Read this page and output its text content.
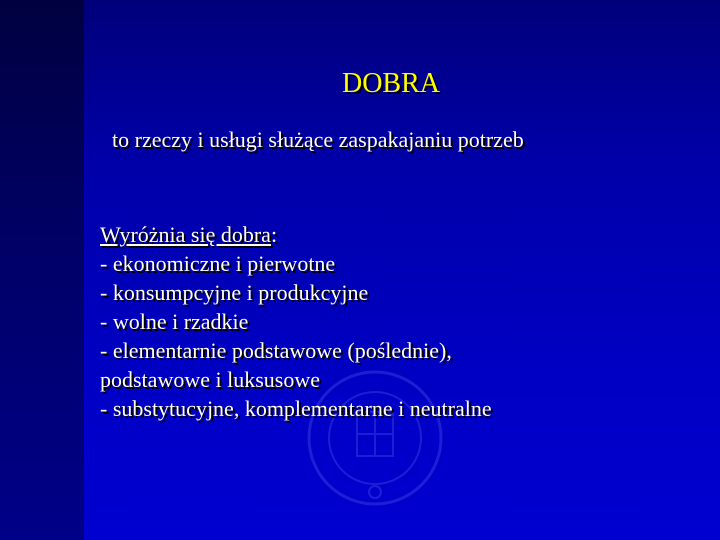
DOBRA
to rzeczy i usługi służące zaspakajaniu potrzeb
Wyróżnia się dobra:
- ekonomiczne i pierwotne
- konsumpcyjne i produkcyjne
- wolne i rzadkie
- elementarnie podstawowe (poślednie),
podstawowe i luksusowe
- substytucyjne, komplementarne i neutralne
